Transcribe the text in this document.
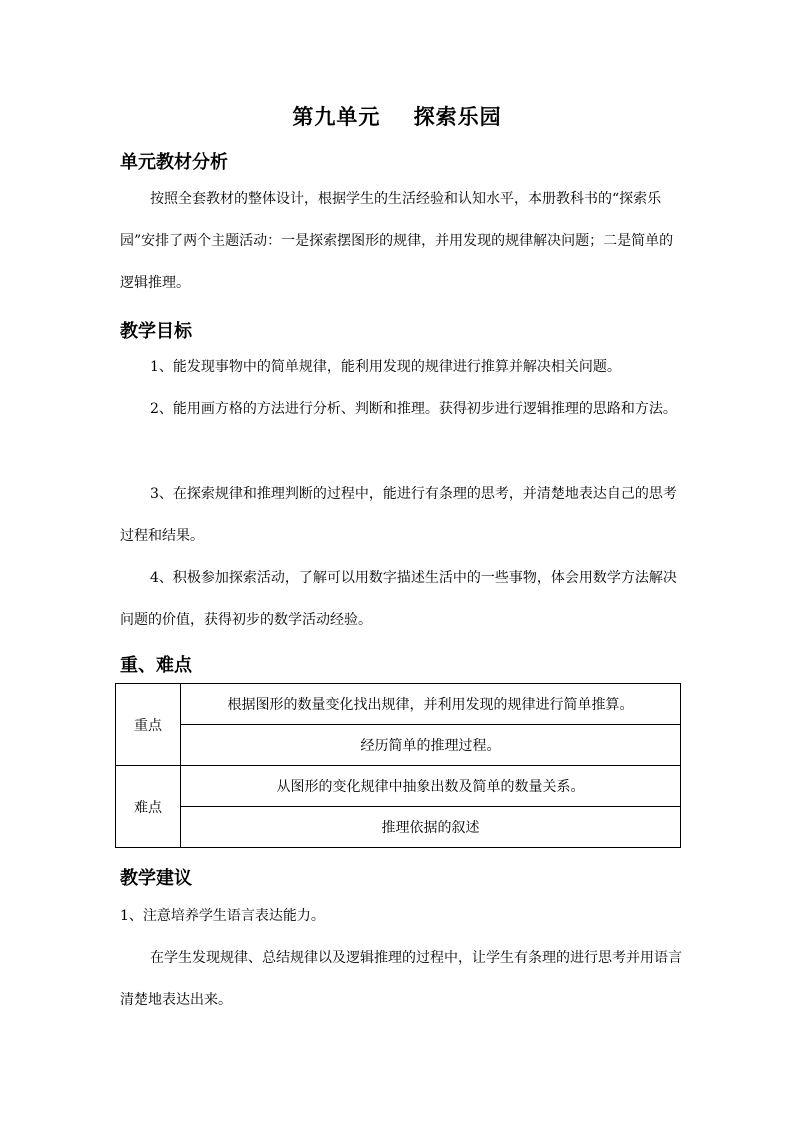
第九单元    探索乐园
单元教材分析

按照全套教材的整体设计，根据学生的生活经验和认知水平，本册教科书的“探索乐园”安排了两个主题活动：一是探索摆图形的规律，并用发现的规律解决问题；二是简单的逻辑推理。

教学目标

1、能发现事物中的简单规律，能利用发现的规律进行推算并解决相关问题。

2、能用画方格的方法进行分析、判断和推理。获得初步进行逻辑推理的思路和方法。

3、在探索规律和推理判断的过程中，能进行有条理的思考，并清楚地表达自己的思考过程和结果。

4、积极参加探索活动，了解可以用数字描述生活中的一些事物，体会用数学方法解决问题的价值，获得初步的数学活动经验。

重、难点
重点	根据图形的数量变化找出规律，并利用发现的规律进行简单推算。
	经历简单的推理过程。
难点	从图形的变化规律中抽象出数及简单的数量关系。
	推理依据的叙述
教学建议

1、注意培养学生语言表达能力。

在学生发现规律、总结规律以及逻辑推理的过程中，让学生有条理的进行思考并用语言清楚地表达出来。
